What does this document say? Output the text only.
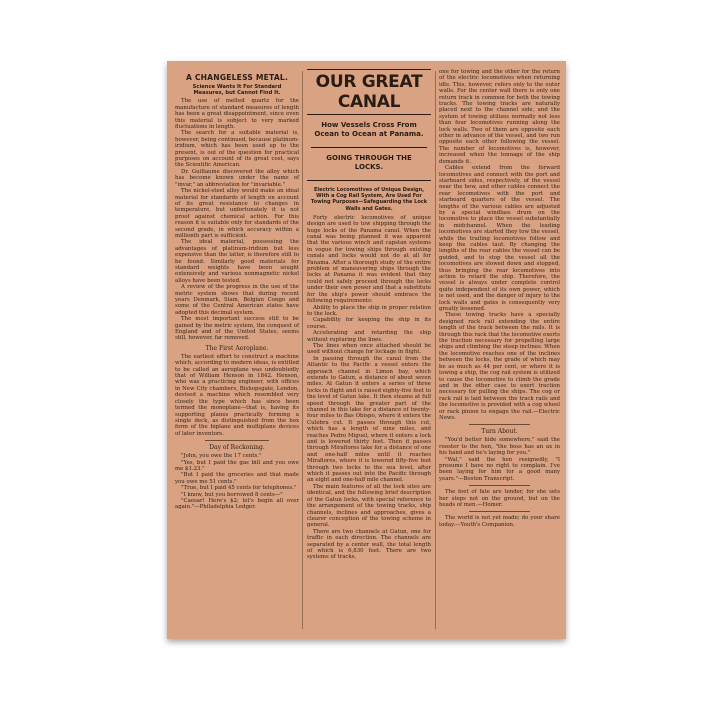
A CHANGELESS METAL.
Science Wants It For Standard Measures, but Cannot Find It.

The use of melted quartz for the manufacture of standard measures of length has been a great disappointment, since even this material is subject to very marked fluctuations in length.

The search for a suitable material is, however, being continued, because platinum-iridium, which has been used up to the present, is out of the question for practical purposes on account of its great cost, says the Scientific American.

Dr. Guillaume discovered the alloy which has become known under the name of "invar," an abbreviation for "invariable."

The nickel-steel alloy would make an ideal material for standards of length on account of its great resistance to changes in temperature, but unfortunately it is not proof against chemical action. For this reason it is suitable only for standards of the second grade, in which accuracy within a millionth part is sufficient.

The ideal material, possessing the advantages of platinum-iridium but less expensive than the latter, is therefore still to be found. Similarly good materials for standard weights have been sought extensively and various nonmagnetic nickel alloys have been tested.

A review of the progress in the use of the metric system shows that during recent years Denmark, Siam, Belgian Congo and some of the Central American states have adopted this decimal system.

The most important success still to be gained by the metric system, the conquest of England and of the United States, seems still, however, far removed.

The First Aeroplane.

The earliest effort to construct a machine which, according to modern ideas, is entitled to be called an aeroplane was undoubtedly that of William Henson in 1842. Henson, who was a practicing engineer, with offices in New City chambers, Bishopsgate, London, devised a machine which resembled very closely the type which has since been termed the monoplane—that is, having its supporting planes practically forming a single deck, as distinguished from the box form of the biplane and multiplane devices of later inventors.

Day of Reckoning.

"John, you owe the 17 cents."

"Yes, but I paid the gas bill and you owe me $1.23."

"But I paid the groceries and that made you owe me 51 cents."

"True, but I paid 45 cents for telephones."

"I know, but you borrowed 8 cents—"

"Caesar! Here's $2; let's begin all over again."—Philadelphia Ledger.

OUR GREAT CANAL
How Vessels Cross From Ocean to Ocean at Panama.
GOING THROUGH THE LOCKS.
Electric Locomotives of Unique Design, With a Cog Rail System, Are Used For Towing Purposes—Safeguarding the Lock Walls and Gates.

Forty electric locomotives of unique design are used to tow shipping through the huge locks of the Panama canal. When the canal was being planned it was apparent that the various winch and capstan systems in vogue for towing ships through existing canals and locks would not do at all for Panama. After a thorough study of the entire problem of maneuvering ships through the locks at Panama it was evident that they could not safely proceed through the locks under their own power and that a substitute for the ship's power should embrace the following requirements:

Ability to place the ship in proper relation to the lock.

Capability for keeping the ship in its course.

Accelerating and retarding the ship without rupturing the lines.

The lines when once attached should be used without change for lockage in flight.

In passing through the canal from the Atlantic to the Pacific a vessel enters the approach channel in Limon bay, which extends to Gatun, a distance of about seven miles. At Gatun it enters a series of three locks in flight and is raised eighty-five feet to the level of Gatun lake. It then steams at full speed through the greater part of the channel in this lake for a distance of twenty-four miles to Bas Obispo, where it enters the Culebra cut. It passes through this cut, which has a length of nine miles, and reaches Pedro Miguel, where it enters a lock and is lowered thirty feet. Then it passes through Miraflores lake for a distance of one and one-half miles until it reaches Miraflores, where it is lowered fifty-five feet through two locks to the sea level, after which it passes out into the Pacific through an eight and one-half mile channel.

The main features of all the lock sites are identical, and the following brief description of the Gatun locks, with special reference to the arrangement of the towing tracks, ship channels, inclines and approaches, gives a clearer conception of the towing scheme in general.

There are two channels at Gatun, one for traffic in each direction. The channels are separated by a center wall, the total length of which is 6,830 feet. There are two systems of tracks,

one for towing and the other for the return of the electric locomotives when returning idle. This, however, refers only to the outer walls. For the center wall there is only one return track in common for both the towing tracks. The towing tracks are naturally placed next to the channel side, and the system of towing utilizes normally not less than four locomotives running along the lock walls. Two of them are opposite each other in advance of the vessel, and two run opposite each other following the vessel. The number of locomotives is, however, increased when the tonnage of the ship demands it.

Cables extend from the forward locomotives and connect with the port and starboard sides, respectively, of the vessel near the bow, and other cables connect the rear locomotives with the port and starboard quarters of the vessel. The lengths of the various cables are adjusted by a special windlass drum on the locomotive to place the vessel substantially in midchannel. When the leading locomotives are started they tow the vessel, while the trailing locomotives follow and keep the cables taut. By changing the lengths of the rear cables the vessel can be guided, and to stop the vessel all the locomotives are slowed down and stopped, thus bringing the rear locomotives into action to retard the ship. Therefore, the vessel is always under complete control quite independent of its own power, which is not used, and the danger of injury to the lock walls and gates is consequently very greatly lessened.

These towing tracks have a specially designed rack rail extending the entire length of the track between the rails. It is through this rack that the locomotive exerts the traction necessary for propelling large ships and climbing the steep inclines. When the locomotive reaches one of the inclines between the locks, the grade of which may be as much as 44 per cent, or where it is towing a ship, the cog rail system is utilized to cause the locomotive to climb the grade and in the other case to exert traction necessary for pulling the ships. The cog or rack rail is laid between the track rails and the locomotive is provided with a cog wheel or rack pinion to engage the rail.—Electric News.

Turn About.

"You'd better hide somewhere," said the rooster to the hen, "the boss has an ax in his hand and he's laying for you."

"Wal," said the hen resignedly, "I presume I have no right to complain. I've been laying for him for a good many years."—Boston Transcript.

The feet of fate are tender, for she sets her steps not on the ground, but on the heads of men.—Homer.

The world is not yet made; do your share today.—Youth's Companion.
